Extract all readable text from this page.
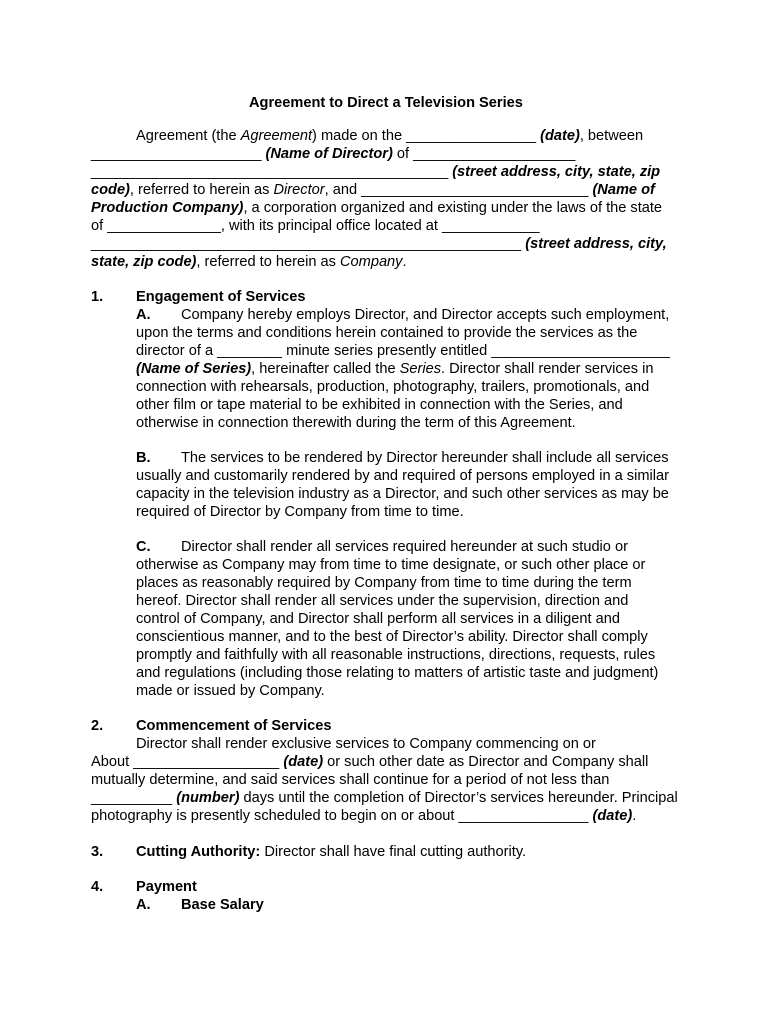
Agreement to Direct a Television Series
Agreement (the Agreement) made on the ________________ (date), between
_____________________ (Name of Director) of ____________________
____________________________________________ (street address, city, state, zip
code), referred to herein as Director, and ____________________________ (Name of
Production Company), a corporation organized and existing under the laws of the state
of ______________, with its principal office located at ____________
_____________________________________________________ (street address, city,
state, zip code), referred to herein as Company.
1. Engagement of Services
A. Company hereby employs Director, and Director accepts such employment,
upon the terms and conditions herein contained to provide the services as the
director of a ________ minute series presently entitled ______________________
(Name of Series), hereinafter called the Series. Director shall render services in
connection with rehearsals, production, photography, trailers, promotionals, and
other film or tape material to be exhibited in connection with the Series, and
otherwise in connection therewith during the term of this Agreement.
B. The services to be rendered by Director hereunder shall include all services
usually and customarily rendered by and required of persons employed in a similar
capacity in the television industry as a Director, and such other services as may be
required of Director by Company from time to time.
C. Director shall render all services required hereunder at such studio or
otherwise as Company may from time to time designate, or such other place or
places as reasonably required by Company from time to time during the term
hereof. Director shall render all services under the supervision, direction and
control of Company, and Director shall perform all services in a diligent and
conscientious manner, and to the best of Director’s ability. Director shall comply
promptly and faithfully with all reasonable instructions, directions, requests, rules
and regulations (including those relating to matters of artistic taste and judgment)
made or issued by Company.
2. Commencement of Services
Director shall render exclusive services to Company commencing on or
About __________________ (date) or such other date as Director and Company shall
mutually determine, and said services shall continue for a period of not less than
__________ (number) days until the completion of Director’s services hereunder. Principal
photography is presently scheduled to begin on or about ________________ (date).
3. Cutting Authority: Director shall have final cutting authority.
4. Payment
A. Base Salary
